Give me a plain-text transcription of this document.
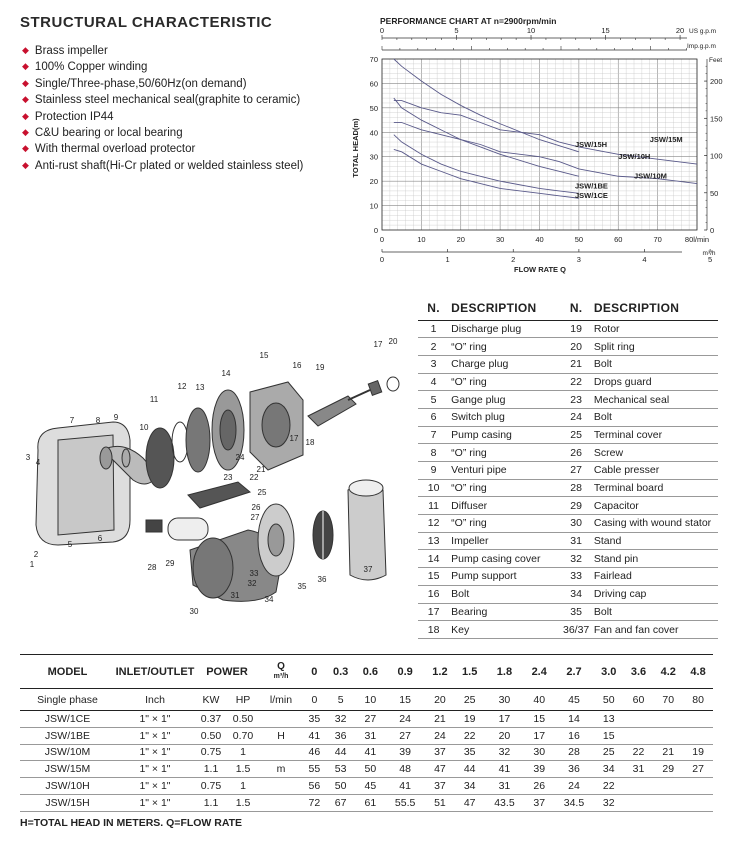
STRUCTURAL CHARACTERISTIC
◆ Brass impeller
◆ 100% Copper winding
◆ Single/Three-phase,50/60Hz(on demand)
◆ Stainless steel mechanical seal(graphite to ceramic)
◆ Protection IP44
◆ C&U bearing or local bearing
◆ With thermal overload protector
◆ Anti-rust shaft(Hi-Cr plated or welded stainless steel)
PERFORMANCE CHART AT n=2900rpm/min
0
10
20
30
40
50
60
70
0	10	20	30	40	50	60	70	80l/min
0	1	2	3	4	5
m³/h
0	5	10	15	20 US g.p.m
Imp.g.p.m
0
50
100
150
200
Feet
JSW/15M
JSW/15H
JSW/10H
JSW/10M
JSW/1BE
JSW/1CE
TOTAL HEAD(m)
FLOW RATE Q
1
2
3
4
5
6
7	8 9
10
11
12 13
14
15
16
17 18
19
17 20
21
22
23
24
25
26
27
28 29
30
31
32
33
34
35
36
37
N.	DESCRIPTION	N.	DESCRIPTION
1	Discharge plug	19	Rotor
2	“O” ring	20	Split ring
3	Charge plug	21	Bolt
4	“O” ring	22	Drops guard
5	Gange plug	23	Mechanical seal
6	Switch plug	24	Bolt
7	Pump casing	25	Terminal cover
8	“O” ring	26	Screw
9	Venturi pipe	27	Cable presser
10	“O” ring	28	Terminal board
11	Diffuser	29	Capacitor
12	“O” ring	30	Casing with wound stator
13	Impeller	31	Stand
14	Pump casing cover	32	Stand pin
15	Pump support	33	Fairlead
16	Bolt	34	Driving cap
17	Bearing	35	Bolt
18	Key	36/37	Fan and fan cover
MODEL	INLET/OUTLET	POWER		Q
m³/h	0	0.3	0.6	0.9	1.2	1.5	1.8	2.4	2.7	3.0	3.6	4.2	4.8
Single phase	Inch	KW	HP	l/min	0	5	10	15	20	25	30	40	45	50	60	70	80
JSW/1CE	1" × 1"	0.37	0.50		35	32	27	24	21	19	17	15	14	13			
JSW/1BE	1" × 1"	0.50	0.70	H	41	36	31	27	24	22	20	17	16	15			
JSW/10M	1" × 1"	0.75	1		46	44	41	39	37	35	32	30	28	25	22	21	19
JSW/15M	1" × 1"	1.1	1.5	m	55	53	50	48	47	44	41	39	36	34	31	29	27
JSW/10H	1" × 1"	0.75	1		56	50	45	41	37	34	31	26	24	22			
JSW/15H	1" × 1"	1.1	1.5		72	67	61	55.5	51	47	43.5	37	34.5	32			
H=TOTAL HEAD IN METERS. Q=FLOW RATE
